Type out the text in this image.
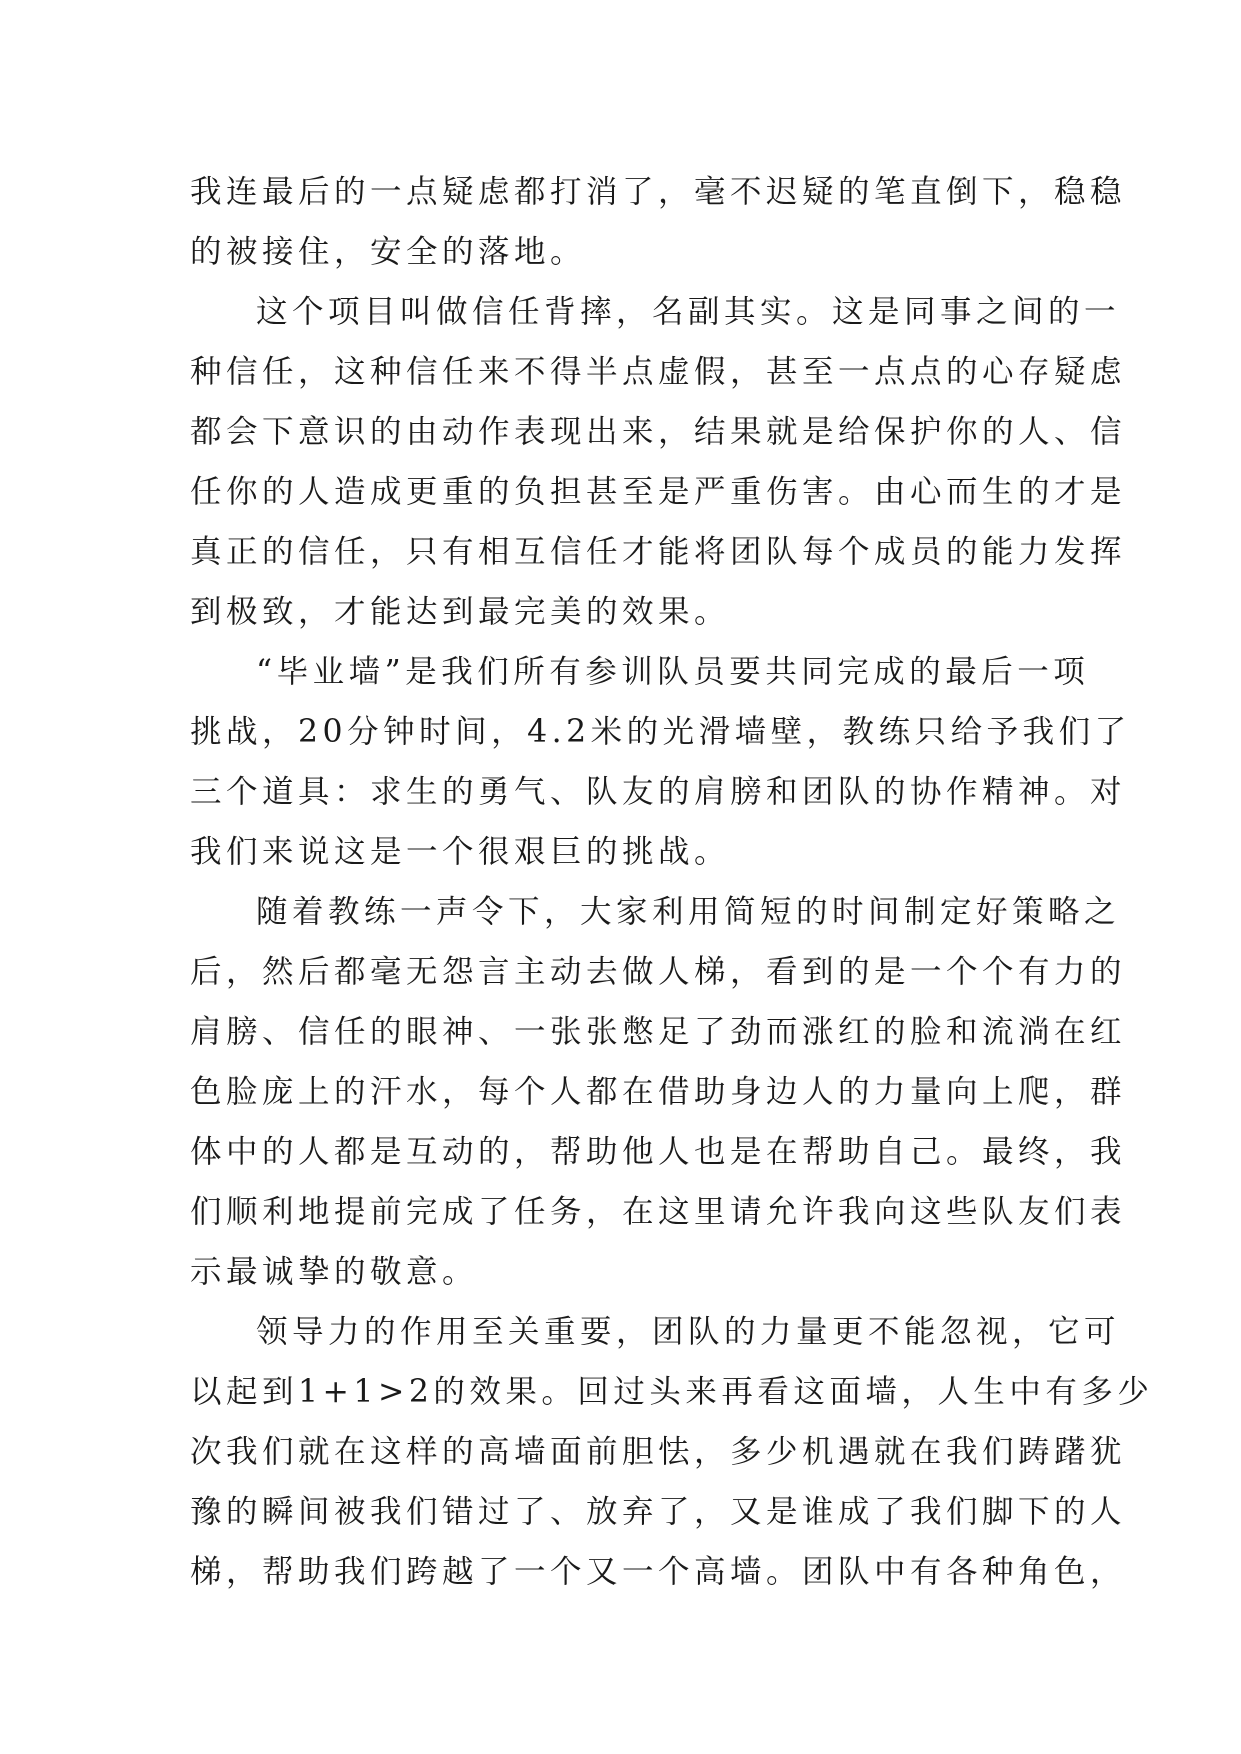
我连最后的一点疑虑都打消了，毫不迟疑的笔直倒下，稳稳
的被接住，安全的落地。
这个项目叫做信任背摔，名副其实。这是同事之间的一
种信任，这种信任来不得半点虚假，甚至一点点的心存疑虑
都会下意识的由动作表现出来，结果就是给保护你的人、信
任你的人造成更重的负担甚至是严重伤害。由心而生的才是
真正的信任，只有相互信任才能将团队每个成员的能力发挥
到极致，才能达到最完美的效果。
“毕业墙”是我们所有参训队员要共同完成的最后一项
挑战，20分钟时间，4.2米的光滑墙壁，教练只给予我们了
三个道具：求生的勇气、队友的肩膀和团队的协作精神。对
我们来说这是一个很艰巨的挑战。
随着教练一声令下，大家利用简短的时间制定好策略之
后，然后都毫无怨言主动去做人梯，看到的是一个个有力的
肩膀、信任的眼神、一张张憋足了劲而涨红的脸和流淌在红
色脸庞上的汗水，每个人都在借助身边人的力量向上爬，群
体中的人都是互动的，帮助他人也是在帮助自己。最终，我
们顺利地提前完成了任务，在这里请允许我向这些队友们表
示最诚挚的敬意。
领导力的作用至关重要，团队的力量更不能忽视，它可
以起到1+1>2的效果。回过头来再看这面墙，人生中有多少
次我们就在这样的高墙面前胆怯，多少机遇就在我们踌躇犹
豫的瞬间被我们错过了、放弃了，又是谁成了我们脚下的人
梯，帮助我们跨越了一个又一个高墙。团队中有各种角色，
